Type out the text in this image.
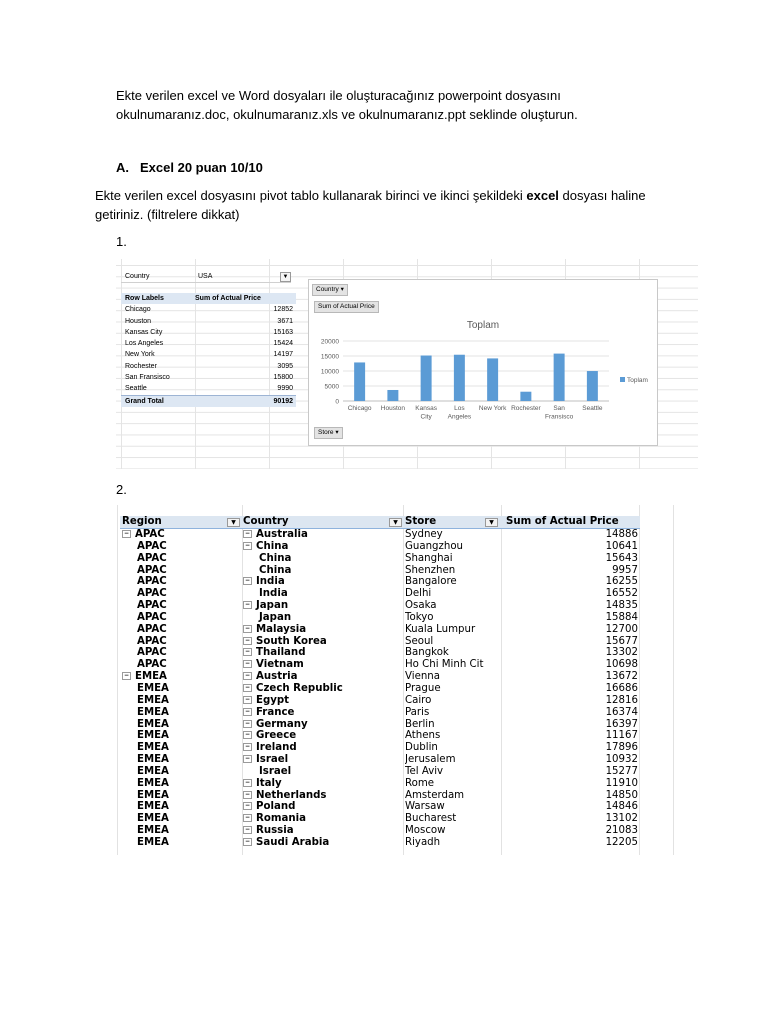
Ekte verilen excel ve Word dosyaları ile oluşturacağınız powerpoint dosyasını okulnumaranız.doc, okulnumaranız.xls ve okulnumaranız.ppt seklinde oluşturun.
A. Excel 20 puan 10/10
Ekte verilen excel dosyasını pivot tablo kullanarak birinci ve ikinci şekildeki excel dosyası haline getiriniz. (filtrelere dikkat)
1.
Country	USA	▼
Row Labels	Sum of Actual Price
Chicago	12852
Houston	3671
Kansas City	15163
Los Angeles	15424
New York	14197
Rochester	3095
San Fransisco	15800
Seattle	9990
Grand Total	90192
Toplam
0
5000
10000
15000
20000
Chicago Houston Kansas
City
Los
Angeles
New York Rochester San
Fransisco
Seattle
Toplam
Country ▾
Sum of Actual Price
Store ▾
2.
Region	▼ Country	▼ Store	▼	Sum of Actual Price
− APAC	− Australia	Sydney	14886
APAC	− China	Guangzhou	10641
APAC	China	Shanghai	15643
APAC	China	Shenzhen	9957
APAC	− India	Bangalore	16255
APAC	India	Delhi	16552
APAC	− Japan	Osaka	14835
APAC	Japan	Tokyo	15884
APAC	− Malaysia	Kuala Lumpur	12700
APAC	− South Korea	Seoul	15677
APAC	− Thailand	Bangkok	13302
APAC	− Vietnam	Ho Chi Minh Cit	10698
− EMEA	− Austria	Vienna	13672
EMEA	− Czech Republic	Prague	16686
EMEA	− Egypt	Cairo	12816
EMEA	− France	Paris	16374
EMEA	− Germany	Berlin	16397
EMEA	− Greece	Athens	11167
EMEA	− Ireland	Dublin	17896
EMEA	− Israel	Jerusalem	10932
EMEA	Israel	Tel Aviv	15277
EMEA	− Italy	Rome	11910
EMEA	− Netherlands	Amsterdam	14850
EMEA	− Poland	Warsaw	14846
EMEA	− Romania	Bucharest	13102
EMEA	− Russia	Moscow	21083
EMEA	− Saudi Arabia	Riyadh	12205
